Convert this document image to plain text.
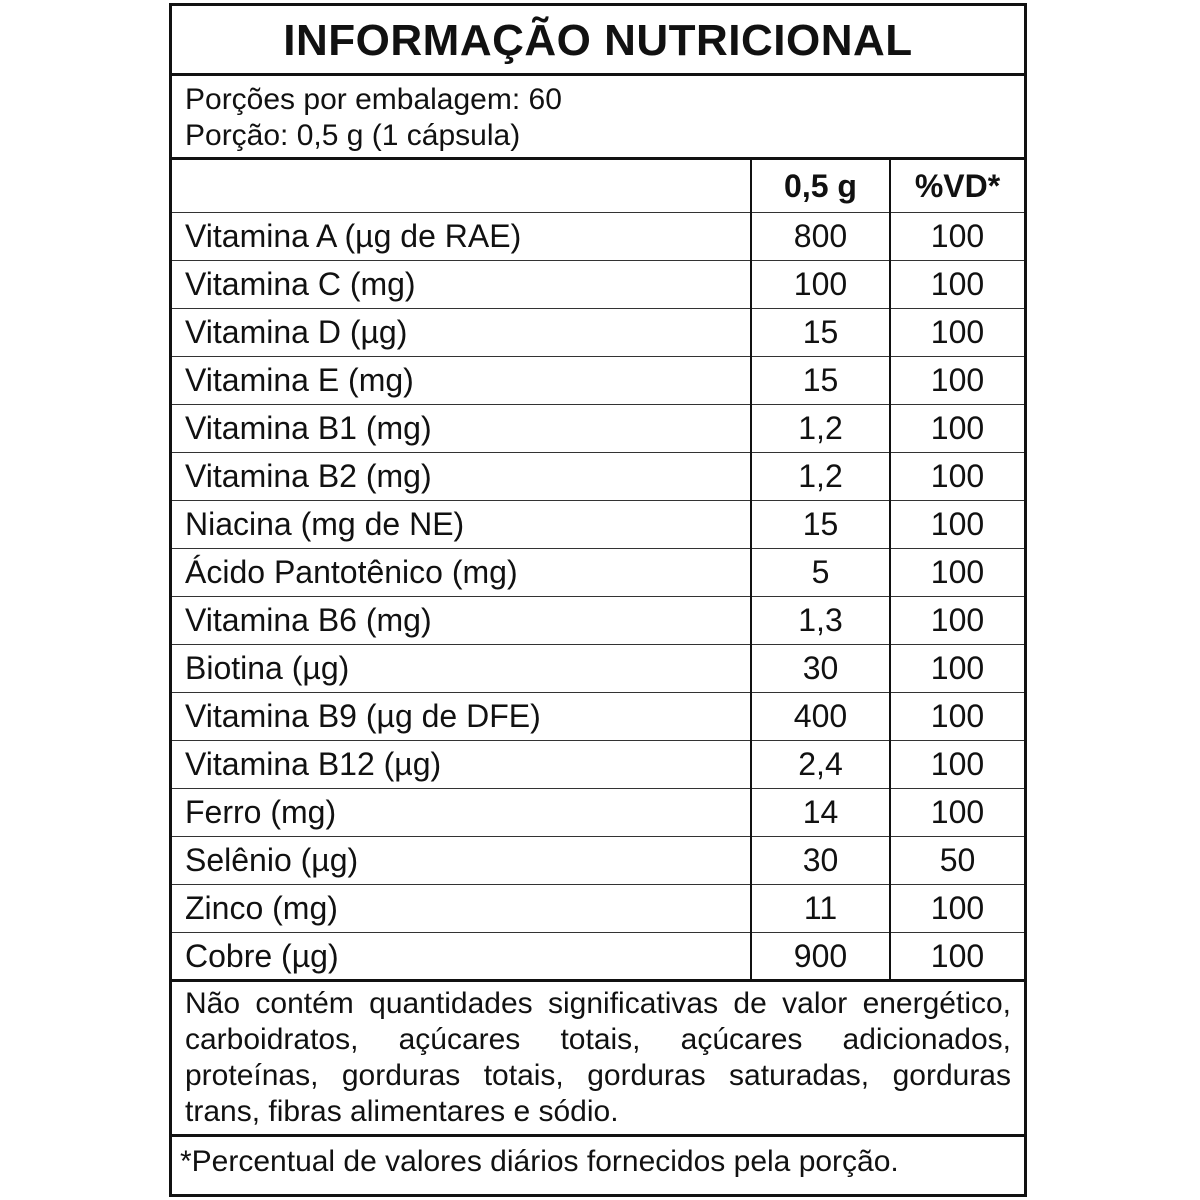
INFORMAÇÃO NUTRICIONAL
Porções por embalagem: 60
Porção: 0,5 g (1 cápsula)
	0,5 g	%VD*
Vitamina A (µg de RAE)	800	100
Vitamina C (mg)	100	100
Vitamina D (µg)	15	100
Vitamina E (mg)	15	100
Vitamina B1 (mg)	1,2	100
Vitamina B2 (mg)	1,2	100
Niacina (mg de NE)	15	100
Ácido Pantotênico (mg)	5	100
Vitamina B6 (mg)	1,3	100
Biotina (µg)	30	100
Vitamina B9 (µg de DFE)	400	100
Vitamina B12 (µg)	2,4	100
Ferro (mg)	14	100
Selênio (µg)	30	50
Zinco (mg)	11	100
Cobre (µg)	900	100
Não contém quantidades significativas de valor energético, carboidratos, açúcares totais, açúcares adicionados, proteínas, gorduras totais, gorduras saturadas, gorduras trans, fibras alimentares e sódio.
*Percentual de valores diários fornecidos pela porção.
